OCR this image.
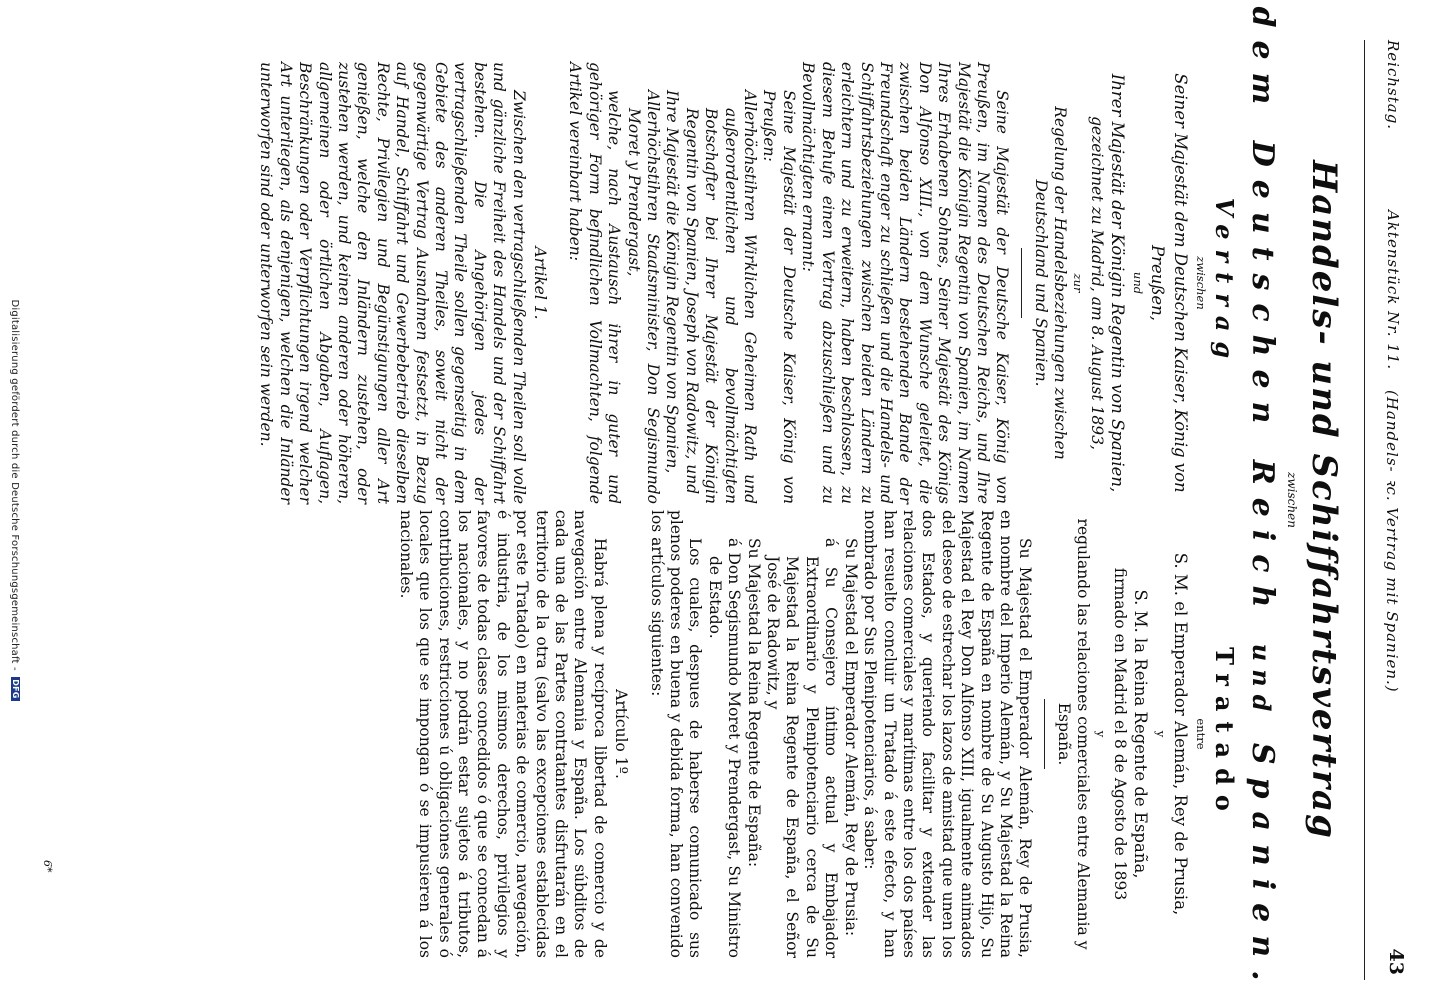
Reichstag.
Aktenstück Nr. 11.
(Handels- ꝛc. Vertrag mit Spanien.)
43
Handels- und Schiffahrtsvertrag
zwischen
dem Deutschen Reich und Spanien.
Vertrag
zwischen
Seiner Majestät dem Deutschen Kaiser, König von Preußen,
und
Ihrer Majestät der Königin Regentin von Spanien,
gezeichnet zu Madrid, am 8. August 1893,
zur
Regelung der Handelsbeziehungen zwischen Deutschland und Spanien.
Seine Majestät der Deutsche Kaiser, König von Preußen, im Namen des Deutschen Reichs, und Ihre Majestät die Königin Regentin von Spanien, im Namen Ihres Erhabenen Sohnes, Seiner Majestät des Königs Don Alfonso XIII., von dem Wunsche geleitet, die zwischen beiden Ländern bestehenden Bande der Freundschaft enger zu schließen und die Handels- und Schiffahrtsbeziehungen zwischen beiden Ländern zu erleichtern und zu erweitern, haben beschlossen, zu diesem Behufe einen Vertrag abzuschließen und zu Bevollmächtigten ernannt:
Seine Majestät der Deutsche Kaiser, König von Preußen:
Allerhöchstihren Wirklichen Geheimen Rath und außerordentlichen und bevollmächtigten Botschafter bei Ihrer Majestät der Königin Regentin von Spanien, Joseph von Radowitz, und
Ihre Majestät die Königin Regentin von Spanien,
Allerhöchstihren Staatsminister, Don Segismundo Moret y Prendergast,
welche, nach Austausch ihrer in guter und gehöriger Form befindlichen Vollmachten, folgende Artikel vereinbart haben:
Artikel 1.
Zwischen den vertragschließenden Theilen soll volle und gänzliche Freiheit des Handels und der Schiffahrt bestehen. Die Angehörigen jedes der vertragschließenden Theile sollen gegenseitig in dem Gebiete des anderen Theiles, soweit nicht der gegenwärtige Vertrag Ausnahmen festsetzt, in Bezug auf Handel, Schiffahrt und Gewerbebetrieb dieselben Rechte, Privilegien und Begünstigungen aller Art genießen, welche den Inländern zustehen, oder zustehen werden, und keinen anderen oder höheren, allgemeinen oder örtlichen Abgaben, Auflagen, Beschränkungen oder Verpflichtungen irgend welcher Art unterliegen, als denjenigen, welchen die Inländer unterworfen sind oder unterworfen sein werden.
Tratado
entre
S. M. el Emperador Alemán, Rey de Prusia,
y
S. M. la Reina Regente de España,
firmado en Madrid el 8 de Agosto de 1893
y
regulando las relaciones comerciales entre Alemania y España.
Su Majestad el Emperador Alemán, Rey de Prusia, en nombre del Imperio Alemán, y Su Majestad la Reina Regente de España en nombre de Su Augusto Hijo, Su Majestad el Rey Don Alfonso XIII, igualmente animados del deseo de estrechar los lazos de amistad que unen los dos Estados, y queriendo facilitar y extender las relaciones comerciales y marítimas entre los dos países han resuelto concluir un Tratado á este efecto, y han nombrado por Sus Plenipotenciarios, á saber:
Su Majestad el Emperador Alemán, Rey de Prusia:
á Su Consejero íntimo actual y Embajador Extraordinario y Plenipotenciario cerca de Su Majestad la Reina Regente de España, el Señor José de Radowitz, y
Su Majestad la Reina Regente de España:
á Don Segismundo Moret y Prendergast, Su Ministro de Estado.
Los cuales, despues de haberse comunicado sus plenos poderes en buena y debida forma, han convenido los artículos siguientes:
Artículo 1º.
Habrá plena y recíproca libertad de comercio y de navegación entre Alemania y España. Los súbditos de cada una de las Partes contratantes disfrutarán en el territorio de la otra (salvo las excepciones establecidas por este Tratado) en materias de comercio, navegación, é industria, de los mismos derechos, privilegios y favores de todas clases concedidos ó que se concedan á los nacionales, y no podrán estar sujetos á tributos, contribuciones, restricciones ú obligaciones generales ó locales que los que se impongan ó se impusieren á los nacionales.
6*
Digitalisierung gefördert durch die Deutsche Forschungsgemeinschaft - DFG
